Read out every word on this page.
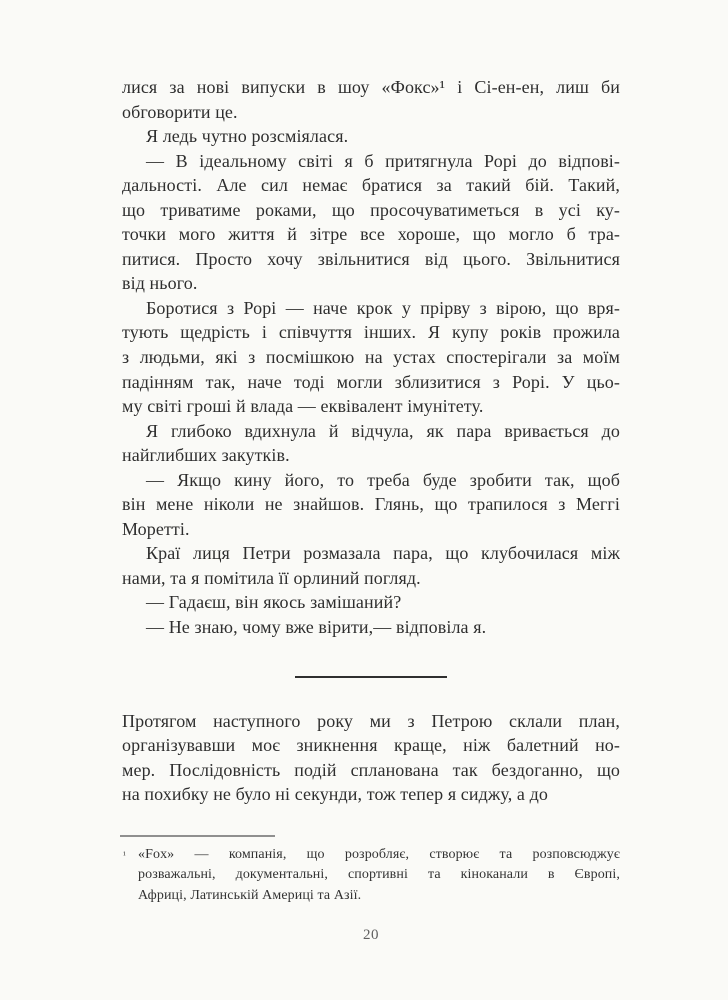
лися за нові випуски в шоу «Фокс»¹ і Сі-ен-ен, лиш би
обговорити це.
Я ледь чутно розсміялася.
— В ідеальному світі я б притягнула Рорі до відпові-
дальності. Але сил немає братися за такий бій. Такий,
що триватиме роками, що просочуватиметься в усі ку-
точки мого життя й зітре все хороше, що могло б тра-
питися. Просто хочу звільнитися від цього. Звільнитися
від нього.
Боротися з Рорі — наче крок у прірву з вірою, що вря-
тують щедрість і співчуття інших. Я купу років прожила
з людьми, які з посмішкою на устах спостерігали за моїм
падінням так, наче тоді могли зблизитися з Рорі. У цьо-
му світі гроші й влада — еквівалент імунітету.
Я глибоко вдихнула й відчула, як пара вривається до
найглибших закутків.
— Якщо кину його, то треба буде зробити так, щоб
він мене ніколи не знайшов. Глянь, що трапилося з Меггі
Моретті.
Краї лиця Петри розмазала пара, що клубочилася між
нами, та я помітила її орлиний погляд.
— Гадаєш, він якось замішаний?
— Не знаю, чому вже вірити,— відповіла я.
Протягом наступного року ми з Петрою склали план,
організувавши моє зникнення краще, ніж балетний но-
мер. Послідовність подій спланована так бездоганно, що
на похибку не було ні секунди, тож тепер я сиджу, а до
«Fox» — компанія, що розробляє, створює та розповсюджує
розважальні, документальні, спортивні та кіноканали в Європі,
Африці, Латинській Америці та Азії.
¹
20
